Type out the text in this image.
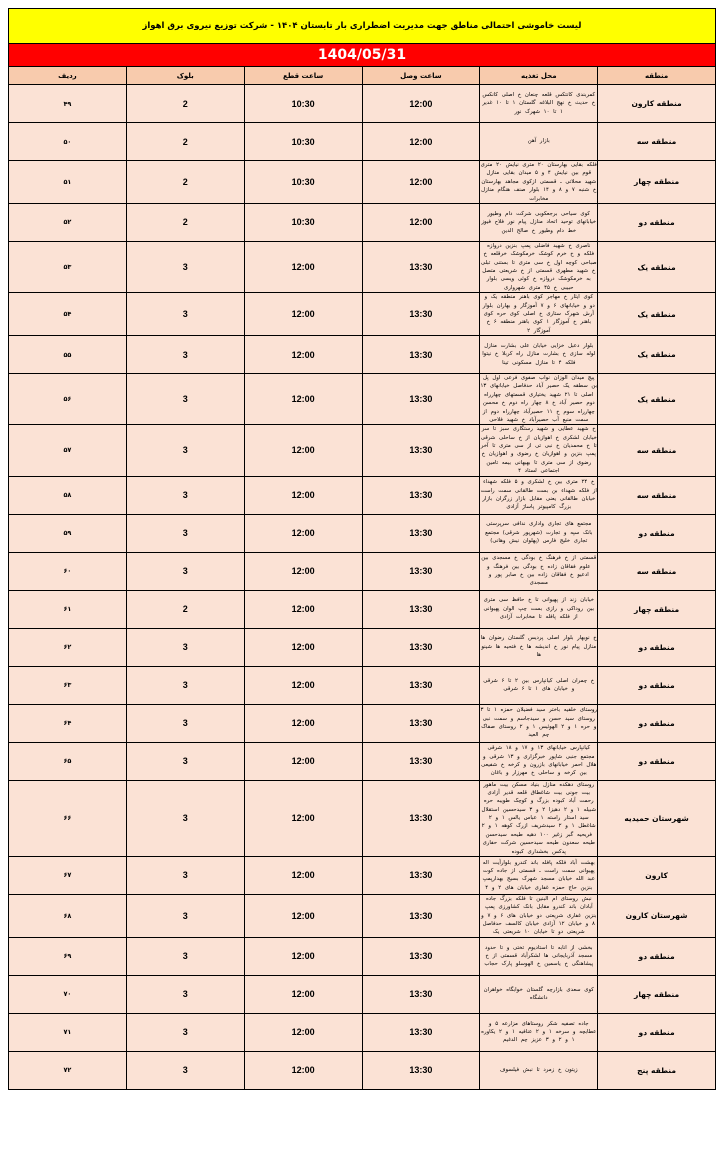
لیست خاموشی احتمالی مناطق جهت مدیریت اضطراری بار تابستان ۱۴۰۴ - شرکت توزیع نیروی برق اهواز					
1404/05/31					
منطقه	محل تغذیه	ساعت وصل	ساعت قطع	بلوک	ردیف
منطقه کارون	کمربندی کانتکس قلعه چنعان خ اصلی کانکس خ حدیث خ نهج البلاغه گلستان ۱ تا ۱۰ غدیر ۱ تا ۱۰ شهرک نور	12:00	10:30	2	۴۹
منطقه سه	بازار آهن	12:00	10:30	2	۵۰
منطقه چهار	فلکه بقایی بهارستان ۲۰ متری نیایش ۲۰ متری قوم بین نیایش ۴ و ۵ میدان بقایی منازل شهید محلاتی ـ قسمتی ازکوی مجاهد بهارستان خ شنبه ۷ و ۸ و ۱۴ بلوار صنف هنگام منازل مخابرات	12:00	10:30	2	۵۱
منطقه دو	کوی سیاحی برجعکوبی شرکت دام وطیور خیابانهای توحید اتحاد منازل پیام نور فلاح فیوز خط دام وطیور خ صالح الدین	12:00	10:30	2	۵۲
منطقه یک	ناصری خ شهید فاضلی پمپ بنزین دروازه فلکه و خ خرم کوشک خرمکوشک خرقلعه خ صباحی کوچه اول خ سی متری تا بستنی تبلی خ شهید مطهری قسمتی از خ شریعتی متصل به خرمکوشک دروازه خ کوثی ویسی بلوار حبیبی خ ۴۵ متری شهرواری	13:30	12:00	3	۵۳
منطقه یک	کوی ایثار خ مهاجر کوی باهنر منطقه یک و دو و خیابانهای ۶ و ۷ آموزگار و بهاران بلوار آرش شهرک ستاری خ اصلی کوی حره کوی باهنر خ آموزگار ۱ کوی باهنر منطقه ۶ خ آموزگار ۲	13:30	12:00	3	۵۴
منطقه یک	بلوار دعبل خزایی خیابان علی بشارت منازل لوله سازی خ بشارت منازل راه کربلا خ نیتوا فلکه ۴ تا منازل مسکونی تینا	13:30	12:00	3	۵۵
منطقه یک	پیچ میدان الوزان نواب صفوی فرعی اول پل بن سطقه یک حصیر آباد حدفاصل خیابانهای ۱۳ اصلی تا ۲۱ شهید یختیاری قسمتهای چهارراه دوم حصیر آباد خ ۸ چهار راه دوم خ محسن چهارراه سوم خ ۱۱ حصیرآباد چهارراه دوم از سمت منبع آب حصیرآباد خ شهید فلاحی	13:30	12:00	3	۵۶
منطقه سه	خ شهید عطایی و شهید رستگاری سبز تا سر خیابان لشکری خ اهوازیان از خ ساحلی شرقی تا خ محمدیان خ نبی تی از سی متری تا آخر پمپ بنزین و اهوازیان خ رضوی و اهوازیان خ رضوی از سی متری تا بهبهانی بیمه تامین اجتماعی لستاد ۴	13:30	12:00	3	۵۷
منطقه سه	خ ۲۴ متری بین خ لشکری و ۵ فلکه شهداء از فلکه شهداء بن بست طالقانی سمت راست خیابان طالقانی یعنی مقابل بازار زرگران بازار بزرگ کامپیوتر پاساژ آزادی	13:30	12:00	3	۵۸
منطقه دو	مجتمع های تجاری واداری ندافی سرپرستی بانک سپه و تجارت (شهرپور شرقی) مجتمع تجاری خلیج فارس (پهلوان نیش وهانی)	13:30	12:00	3	۵۹
منطقه سه	قسمتی از خ فرهنگ خ بودگی خ مسجدی بین علوم فقاقان زاده خ بودگی بین فرهنگ و ادعیو خ فقاقان زاده بین خ صابر پور و مسجدی	13:30	12:00	3	۶۰
منطقه چهار	خیابان زند از پهیوانی تا خ حافظ سی متری بین روداکی و رازی بست چپ الوان پهیوانی از فلکه پافله تا مخابرات آزادی	13:30	12:00	2	۶۱
منطقه دو	خ نوبهار بلوار اصلی پردیس گلستان رضوان ها منازل پیام نور خ اندیشه ها خ فتحیه ها شینو ها	13:30	12:00	3	۶۲
منطقه دو	خ چمران اصلی کیانپارس بین ۲ تا ۶ شرقی و خیابان های ۱ تا ۶ شرقی	13:30	12:00	3	۶۳
منطقه دو	روستای خلفیه باختر سید فضیلان حمزه ۱ تا ۳ روستای سید حسن و سیدجاسم و سمت نبی و حره ۱ و ۲ الهوئیس ۱ و ۲ روستای صفاک چم العید	13:30	12:00	3	۶۴
منطقه دو	کیانپارس خیابانهای ۱۳ و ۱۷ و ۱۸ شرقی مجتمع جنبی شاپور خبرگزاری و ۱۳ شرقی و هلال احمر خیابانهای بازرون و کرخه خ شفیعی بین کرخه و ساحلی خ مهرزار و باغان	13:30	12:00	3	۶۵
شهرستان حمیدیه	روستای دهکده منازل بنیاد مسکن بیت ماهور بیت جونی بیت شاغطاق قلعه قدیر آزادی رحمت آباد کبوده بزرگ و کوچک طویبه حره شبیله ۱ و ۲ دهیزا ۲ و ۳ سیدحسین استقلال سید استار راسته ۱ عباس یالس ۱ و ۲ شاغطل ۱ و ۲ سیدشریف ازرک کوهه ۱ و ۲ فریحیه گبر زغیر ۱۰۰ دهیه طیحه سیدحسن طیحه سعدون طیحه سیدحسین شرکت حفاری پدکس بخشداری کبوده	13:30	12:00	3	۶۶
کارون	بهشت آباد فلکه پافله باند کندرو بلوارآیت اله پهیوانی سمت راست ـ قسمتی از جاده کوت عبد الله خیابان مسجد شهرک بسیج بهدارپمپ بنزین حاج حمزه غفاری خیابان های ۲ و ۴	13:30	12:00	3	۶۷
شهرستان کارون	نبش روستای ام البنین تا فلکه بزرگ جاده آبادان باند کندرو مقابل بانک کشاورزی پمپ بنزین غفاری شریعتی دو خیابان های ۶ و ۷ و ۸ و خیابان ۱۲ آزادی خیابان کالسف حدفاصل شریعتی دو تا خیابان ۱۰ شریعتی یک	13:30	12:00	3	۶۸
منطقه دو	بخشی از انابه تا استادیوم تختی و تا حدود مسجد آذربایجانی ها لشکرآباد قسمتی از خ پیشاهنگی خ یاسمین خ الهوسلو پارک حجاب	13:30	12:00	3	۶۹
منطقه چهار	کوی سعدی بازارچه گلستان خوابگاه خواهران دانشگاه	13:30	12:00	3	۷۰
منطقه دو	جاده تصفیه شکر روستاهای مزارعه ۵ و عطابچه و سرخه ۱ و ۲ عنافیه ۱ و ۲ یکاوره ۱ و ۲ و ۳ عزیز چم الدغیم	13:30	12:00	3	۷۱
منطقه پنج	زیتون خ زمرد تا نبش فیلسوف	13:30	12:00	3	۷۲
